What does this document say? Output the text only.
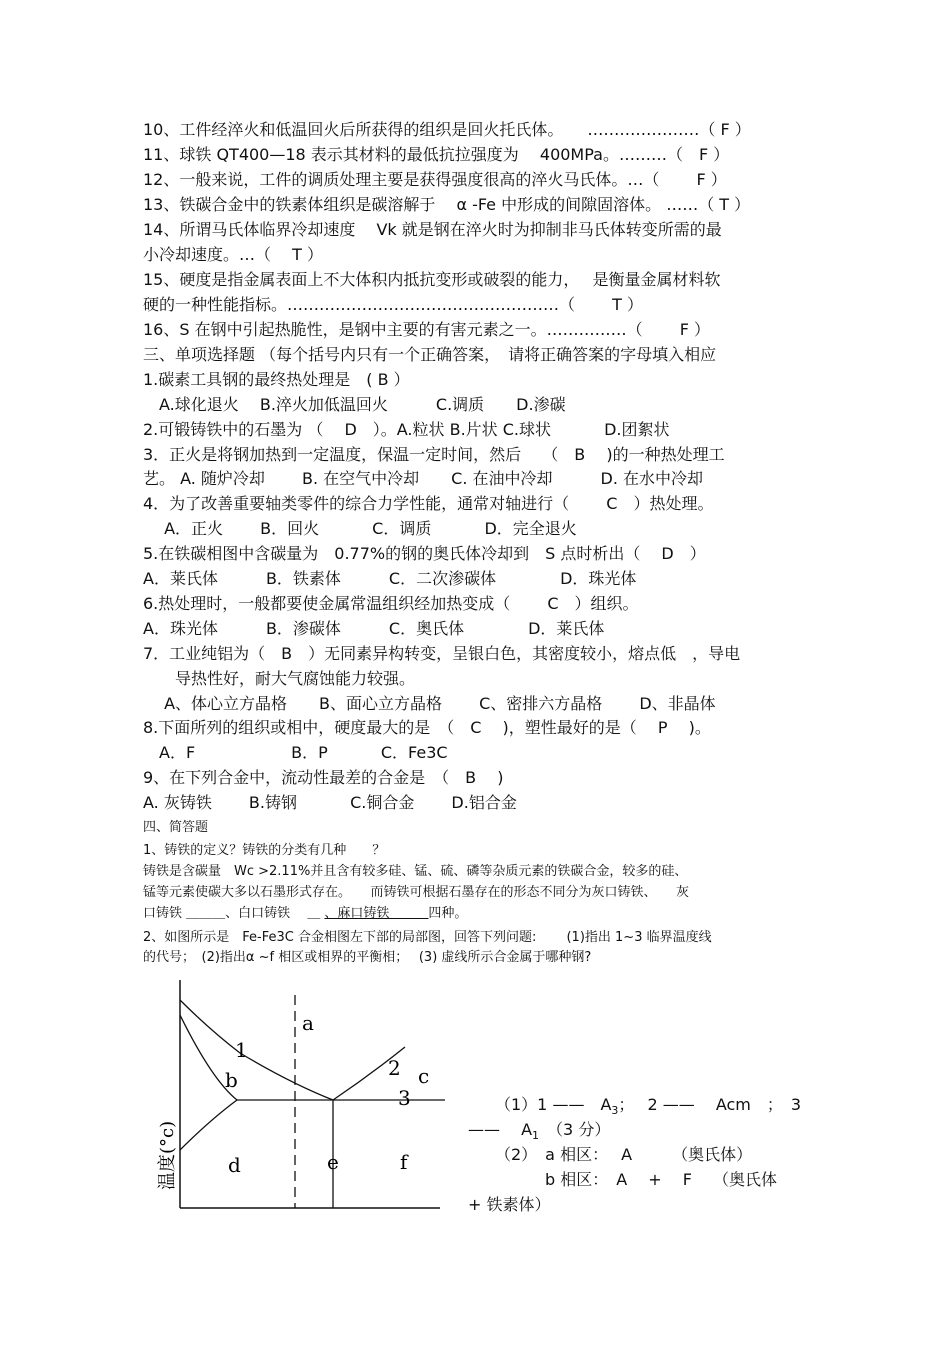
10、工件经淬火和低温回火后所获得的组织是回火托氏体。　　…………………（ F ）
11、球铁 QT400—18 表示其材料的最低抗拉强度为　 400MPa。………（　F ）
12、一般来说，工件的调质处理主要是获得强度很高的淬火马氏体。…（　　 F ）
13、铁碳合金中的铁素体组织是碳溶解于　 α -Fe 中形成的间隙固溶体。 ……（ T ）
14、所谓马氏体临界冷却速度　 Vk 就是钢在淬火时为抑制非马氏体转变所需的最
小冷却速度。…（　 T ）
15、硬度是指金属表面上不大体积内抵抗变形或破裂的能力，　 是衡量金属材料软
硬的一种性能指标。……………………………………………（　　 T ）
16、S 在钢中引起热脆性，是钢中主要的有害元素之一。……………（　　 F ）
三、单项选择题 （每个括号内只有一个正确答案，　请将正确答案的字母填入相应
1.碳素工具钢的最终热处理是　( B ）
　A.球化退火　 B.淬火加低温回火　　　C.调质　　D.渗碳
2.可锻铸铁中的石墨为 （　 D　）。A.粒状 B.片状 C.球状　　　 D.团絮状
3．正火是将钢加热到一定温度，保温一定时间，然后　 （　B　 )的一种热处理工
艺。 A. 随炉冷却　　 B. 在空气中冷却　　C. 在油中冷却　　　D. 在水中冷却
4．为了改善重要轴类零件的综合力学性能，通常对轴进行（　　 C　）热处理。
　 A．正火　　 B．回火　　　 C．调质　　　 D．完全退火
5.在铁碳相图中含碳量为　0.77%的钢的奥氏体冷却到　S 点时析出（　 D　）
A．莱氏体　　　B．铁素体　　　C．二次渗碳体　　　　D．珠光体
6.热处理时，一般都要使金属常温组织经加热变成（　　 C　）组织。
A．珠光体　　　B．渗碳体　　　C．奥氏体　　　　D．莱氏体
7．工业纯铝为（　B　）无同素异构转变，呈银白色，其密度较小，熔点低　，导电
　　导热性好，耐大气腐蚀能力较强。
　 A、体心立方晶格　　B、面心立方晶格　　 C、密排六方晶格　　 D、非晶体
8.下面所列的组织或相中，硬度最大的是　（　C　 )，塑性最好的是（　 P　 )。
　A．F　　　　　　B．P　　　 C．Fe3C
9、在下列合金中，流动性最差的合金是　（　B　 )
A. 灰铸铁　　 B.铸钢　　　 C.铜合金　　 D.铝合金
四、简答题
1、铸铁的定义？铸铁的分类有几种　　？
铸铁是含碳量　Wc >2.11%并且含有较多硅、锰、硫、磷等杂质元素的铁碳合金，较多的硅、
锰等元素使碳大多以石墨形式存在。　　而铸铁可根据石墨存在的形态不同分为灰口铸铁、　　灰
口铸铁 ＿＿＿、白口铸铁　 ＿ 、麻口铸铁＿＿＿四种。
2、如图所示是　Fe-Fe3C 合金相图左下部的局部图，回答下列问题:　　 (1)指出 1~3 临界温度线
的代号；　(2)指出α ~f 相区或相界的平衡相；　 (3) 虚线所示合金属于哪种钢?
a
b	c
d	e	f
1
2
3
温度(°c)
（1）1 ——　$A_3$；　 2 ——　 Acm　；　3
—— 　$A_1$　（3 分）
（2）　a 相区：　 A　　　（奥氏体）
b 相区：　A　 +　 F　 （奥氏体
+ 铁素体）
